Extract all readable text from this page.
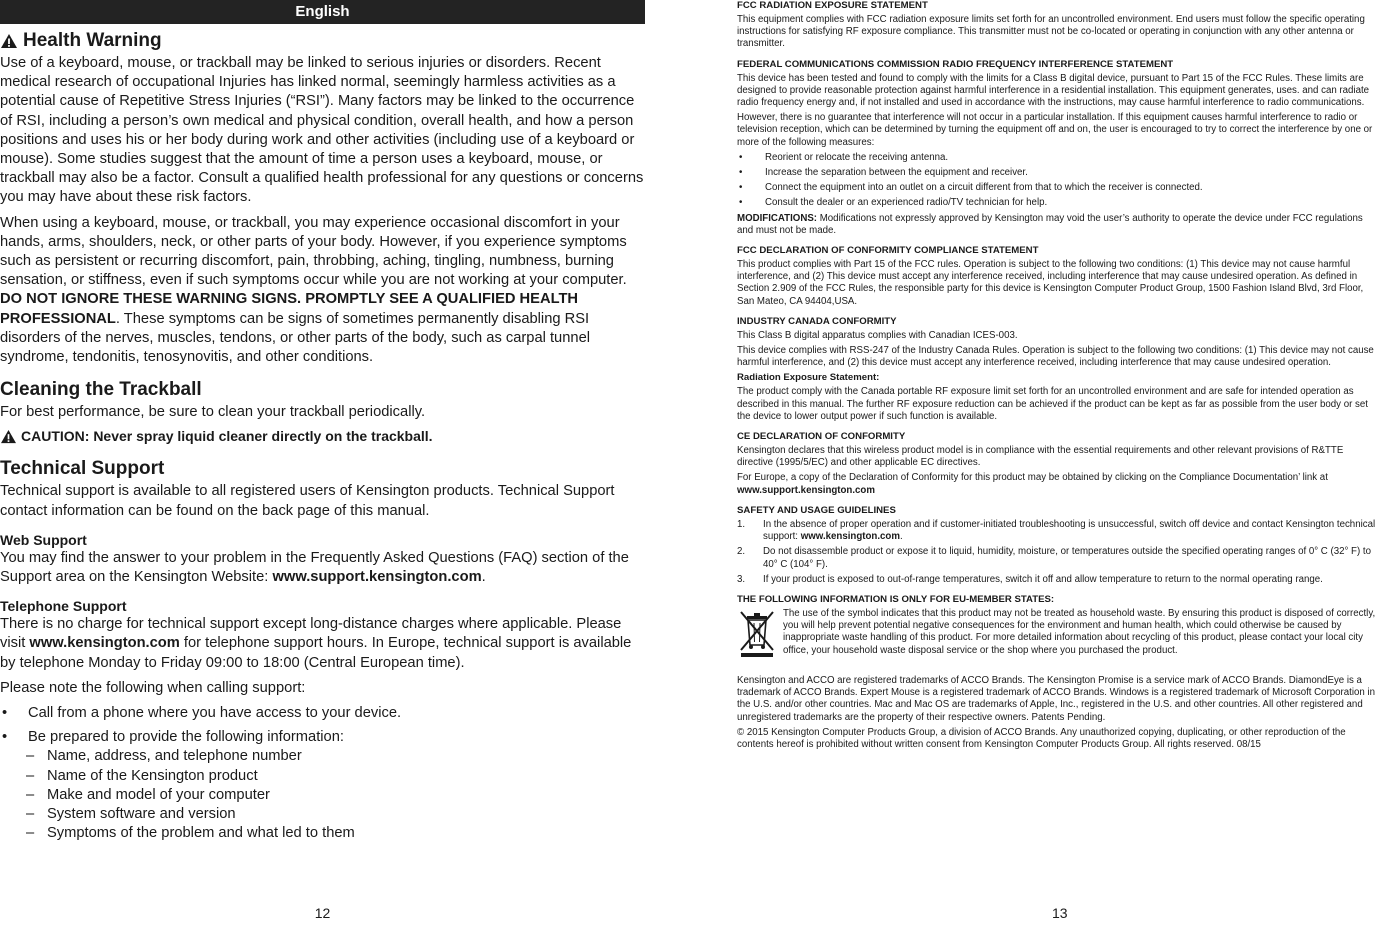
English
Health Warning

Use of a keyboard, mouse, or trackball may be linked to serious injuries or disorders. Recent medical research of occupational Injuries has linked normal, seemingly harmless activities as a potential cause of Repetitive Stress Injuries (“RSI”). Many factors may be linked to the occurrence of RSI, including a person’s own medical and physical condition, overall health, and how a person positions and uses his or her body during work and other activities (including use of a keyboard or mouse). Some studies suggest that the amount of time a person uses a keyboard, mouse, or trackball may also be a factor. Consult a qualified health professional for any questions or concerns you may have about these risk factors.

When using a keyboard, mouse, or trackball, you may experience occasional discomfort in your hands, arms, shoulders, neck, or other parts of your body. However, if you experience symptoms such as persistent or recurring discomfort, pain, throbbing, aching, tingling, numbness, burning sensation, or stiffness, even if such symptoms occur while you are not working at your computer. DO NOT IGNORE THESE WARNING SIGNS. PROMPTLY SEE A QUALIFIED HEALTH PROFESSIONAL. These symptoms can be signs of sometimes permanently disabling RSI disorders of the nerves, muscles, tendons, or other parts of the body, such as carpal tunnel syndrome, tendonitis, tenosynovitis, and other conditions.

Cleaning the Trackball

For best performance, be sure to clean your trackball periodically.

CAUTION: Never spray liquid cleaner directly on the trackball.
Technical Support

Technical support is available to all registered users of Kensington products. Technical Support contact information can be found on the back page of this manual.

Web Support

You may find the answer to your problem in the Frequently Asked Questions (FAQ) section of the Support area on the Kensington Website: www.support.kensington.com.

Telephone Support

There is no charge for technical support except long-distance charges where applicable. Please visit www.kensington.com for telephone support hours. In Europe, technical support is available by telephone Monday to Friday 09:00 to 18:00 (Central European time).

Please note the following when calling support:

•	Call from a phone where you have access to your device.
•	Be prepared to provide the following information:
– Name, address, and telephone number
– Name of the Kensington product
– Make and model of your computer
– System software and version
– Symptoms of the problem and what led to them
12
FCC RADIATION EXPOSURE STATEMENT

This equipment complies with FCC radiation exposure limits set forth for an uncontrolled environment. End users must follow the specific operating instructions for satisfying RF exposure compliance. This transmitter must not be co-located or operating in conjunction with any other antenna or transmitter.

FEDERAL COMMUNICATIONS COMMISSION RADIO FREQUENCY INTERFERENCE STATEMENT

This device has been tested and found to comply with the limits for a Class B digital device, pursuant to Part 15 of the FCC Rules. These limits are designed to provide reasonable protection against harmful interference in a residential installation. This equipment generates, uses. and can radiate radio frequency energy and, if not installed and used in accordance with the instructions, may cause harmful interference to radio communications.

However, there is no guarantee that interference will not occur in a particular installation. If this equipment causes harmful interference to radio or television reception, which can be determined by turning the equipment off and on, the user is encouraged to try to correct the interference by one or more of the following measures:

•	Reorient or relocate the receiving antenna.
•	Increase the separation between the equipment and receiver.
•	Connect the equipment into an outlet on a circuit different from that to which the receiver is connected.
•	Consult the dealer or an experienced radio/TV technician for help.

MODIFICATIONS: Modifications not expressly approved by Kensington may void the user’s authority to operate the device under FCC regulations and must not be made.

FCC DECLARATION OF CONFORMITY COMPLIANCE STATEMENT

This product complies with Part 15 of the FCC rules. Operation is subject to the following two conditions: (1) This device may not cause harmful interference, and (2) This device must accept any interference received, including interference that may cause undesired operation. As defined in Section 2.909 of the FCC Rules, the responsible party for this device is Kensington Computer Product Group, 1500 Fashion Island Blvd, 3rd Floor, San Mateo, CA 94404,USA.

INDUSTRY CANADA CONFORMITY

This Class B digital apparatus complies with Canadian ICES-003.

This device complies with RSS-247 of the Industry Canada Rules. Operation is subject to the following two conditions: (1) This device may not cause harmful interference, and (2) this device must accept any interference received, including interference that may cause undesired operation.

Radiation Exposure Statement:

The product comply with the Canada portable RF exposure limit set forth for an uncontrolled environment and are safe for intended operation as described in this manual. The further RF exposure reduction can be achieved if the product can be kept as far as possible from the user body or set the device to lower output power if such function is available.

CE DECLARATION OF CONFORMITY

Kensington declares that this wireless product model is in compliance with the essential requirements and other relevant provisions of R&TTE directive (1995/5/EC) and other applicable EC directives.

For Europe, a copy of the Declaration of Conformity for this product may be obtained by clicking on the Compliance Documentation’ link at www.support.kensington.com

SAFETY AND USAGE GUIDELINES
1.	In the absence of proper operation and if customer-initiated troubleshooting is unsuccessful, switch off device and contact Kensington technical support: www.kensington.com.
2.	Do not disassemble product or expose it to liquid, humidity, moisture, or temperatures outside the specified operating ranges of 0° C (32° F) to 40° C (104° F).
3.	If your product is exposed to out-of-range temperatures, switch it off and allow temperature to return to the normal operating range.
THE FOLLOWING INFORMATION IS ONLY FOR EU-MEMBER STATES:
The use of the symbol indicates that this product may not be treated as household waste. By ensuring this product is disposed of correctly, you will help prevent potential negative consequences for the environment and human health, which could otherwise be caused by inappropriate waste handling of this product. For more detailed information about recycling of this product, please contact your local city office, your household waste disposal service or the shop where you purchased the product.

Kensington and ACCO are registered trademarks of ACCO Brands. The Kensington Promise is a service mark of ACCO Brands. DiamondEye is a trademark of ACCO Brands. Expert Mouse is a registered trademark of ACCO Brands. Windows is a registered trademark of Microsoft Corporation in the U.S. and/or other countries. Mac and Mac OS are trademarks of Apple, Inc., registered in the U.S. and other countries. All other registered and unregistered trademarks are the property of their respective owners. Patents Pending.

© 2015 Kensington Computer Products Group, a division of ACCO Brands. Any unauthorized copying, duplicating, or other reproduction of the contents hereof is prohibited without written consent from Kensington Computer Products Group. All rights reserved. 08/15

13
